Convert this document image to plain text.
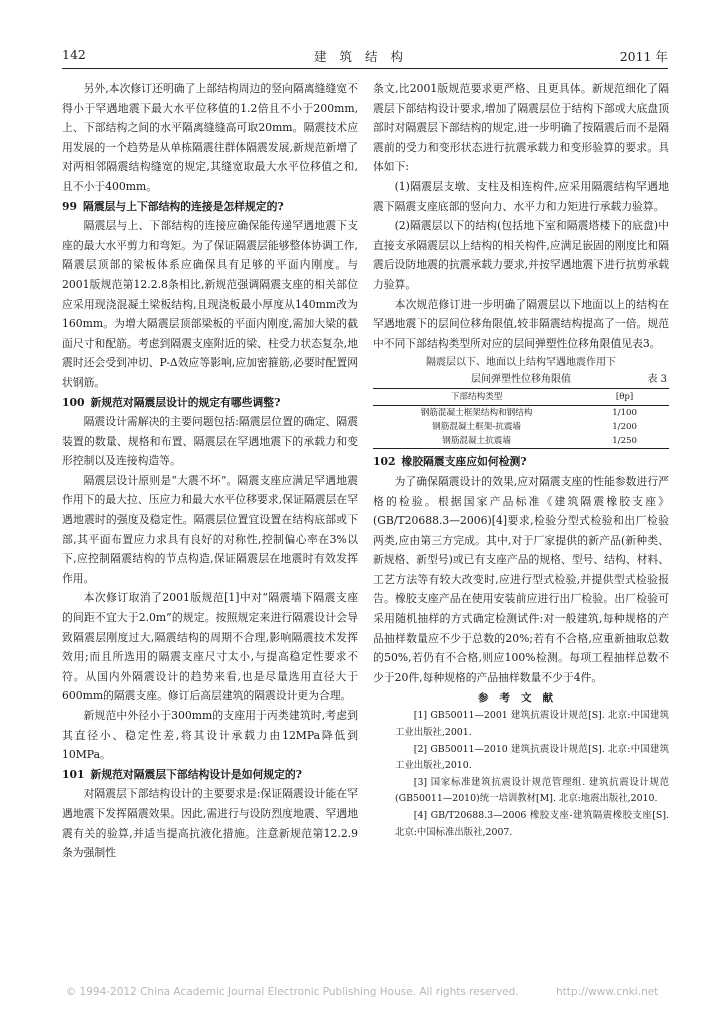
142	建筑结构	2011 年

另外,本次修订还明确了上部结构周边的竖向隔离缝缝宽不得小于罕遇地震下最大水平位移值的1.2倍且不小于200mm,上、下部结构之间的水平隔离缝缝高可取20mm。隔震技术应用发展的一个趋势是从单栋隔震往群体隔震发展,新规范新增了对两相邻隔震结构缝宽的规定,其缝宽取最大水平位移值之和,且不小于400mm。

99 隔震层与上下部结构的连接是怎样规定的?

隔震层与上、下部结构的连接应确保能传递罕遇地震下支座的最大水平剪力和弯矩。为了保证隔震层能够整体协调工作,隔震层顶部的梁板体系应确保具有足够的平面内刚度。与2001版规范第12.2.8条相比,新规范强调隔震支座的相关部位应采用现浇混凝土梁板结构,且现浇板最小厚度从140mm改为160mm。为增大隔震层顶部梁板的平面内刚度,需加大梁的截面尺寸和配筋。考虑到隔震支座附近的梁、柱受力状态复杂,地震时还会受到冲切、P-Δ效应等影响,应加密箍筋,必要时配置网状钢筋。

100 新规范对隔震层设计的规定有哪些调整?

隔震设计需解决的主要问题包括:隔震层位置的确定、隔震装置的数量、规格和布置、隔震层在罕遇地震下的承载力和变形控制以及连接构造等。

隔震层设计原则是“大震不坏”。隔震支座应满足罕遇地震作用下的最大拉、压应力和最大水平位移要求,保证隔震层在罕遇地震时的强度及稳定性。隔震层位置宜设置在结构底部或下部,其平面布置应力求具有良好的对称性,控制偏心率在3%以下,应控制隔震结构的节点构造,保证隔震层在地震时有效发挥作用。

本次修订取消了2001版规范[1]中对“隔震墙下隔震支座的间距不宜大于2.0m”的规定。按照规定来进行隔震设计会导致隔震层刚度过大,隔震结构的周期不合理,影响隔震技术发挥效用;而且所选用的隔震支座尺寸太小,与提高稳定性要求不符。从国内外隔震设计的趋势来看,也是尽量选用直径大于600mm的隔震支座。修订后高层建筑的隔震设计更为合理。

新规范中外径小于300mm的支座用于丙类建筑时,考虑到其直径小、稳定性差,将其设计承载力由12MPa降低到10MPa。

101 新规范对隔震层下部结构设计是如何规定的?

对隔震层下部结构设计的主要要求是:保证隔震设计能在罕遇地震下发挥隔震效果。因此,需进行与设防烈度地震、罕遇地震有关的验算,并适当提高抗液化措施。注意新规范第12.2.9条为强制性

条文,比2001版规范要求更严格、且更具体。新规范细化了隔震层下部结构设计要求,增加了隔震层位于结构下部或大底盘顶部时对隔震层下部结构的规定,进一步明确了按隔震后而不是隔震前的受力和变形状态进行抗震承载力和变形验算的要求。具体如下:

(1)隔震层支墩、支柱及相连构件,应采用隔震结构罕遇地震下隔震支座底部的竖向力、水平力和力矩进行承载力验算。

(2)隔震层以下的结构(包括地下室和隔震塔楼下的底盘)中直接支承隔震层以上结构的相关构件,应满足嵌固的刚度比和隔震后设防地震的抗震承载力要求,并按罕遇地震下进行抗剪承载力验算。

本次规范修订进一步明确了隔震层以下地面以上的结构在罕遇地震下的层间位移角限值,较非隔震结构提高了一倍。规范中不同下部结构类型所对应的层间弹塑性位移角限值见表3。

隔震层以下、地面以上结构罕遇地震作用下
层间弹塑性位移角限值	表 3
下部结构类型	[θp]
钢筋混凝土框架结构和钢结构	1/100
钢筋混凝土框架-抗震墙	1/200
钢筋混凝土抗震墙	1/250

102 橡胶隔震支座应如何检测?

为了确保隔震设计的效果,应对隔震支座的性能参数进行严格的检验。根据国家产品标准《建筑隔震橡胶支座》(GB/T20688.3—2006)[4]要求,检验分型式检验和出厂检验两类,应由第三方完成。其中,对于厂家提供的新产品(新种类、新规格、新型号)或已有支座产品的规格、型号、结构、材料、工艺方法等有较大改变时,应进行型式检验,并提供型式检验报告。橡胶支座产品在使用安装前应进行出厂检验。出厂检验可采用随机抽样的方式确定检测试件:对一般建筑,每种规格的产品抽样数量应不少于总数的20%;若有不合格,应重新抽取总数的50%,若仍有不合格,则应100%检测。每项工程抽样总数不少于20件,每种规格的产品抽样数量不少于4件。

参考文献

[1] GB50011—2001 建筑抗震设计规范[S]. 北京:中国建筑工业出版社,2001.

[2] GB50011—2010 建筑抗震设计规范[S]. 北京:中国建筑工业出版社,2010.

[3] 国家标准建筑抗震设计规范管理组. 建筑抗震设计规范(GB50011—2010)统一培训教材[M]. 北京:地震出版社,2010.

[4] GB/T20688.3—2006 橡胶支座-建筑隔震橡胶支座[S]. 北京:中国标准出版社,2007.

© 1994-2012 China Academic Journal Electronic Publishing House. All rights reserved.	http://www.cnki.net
